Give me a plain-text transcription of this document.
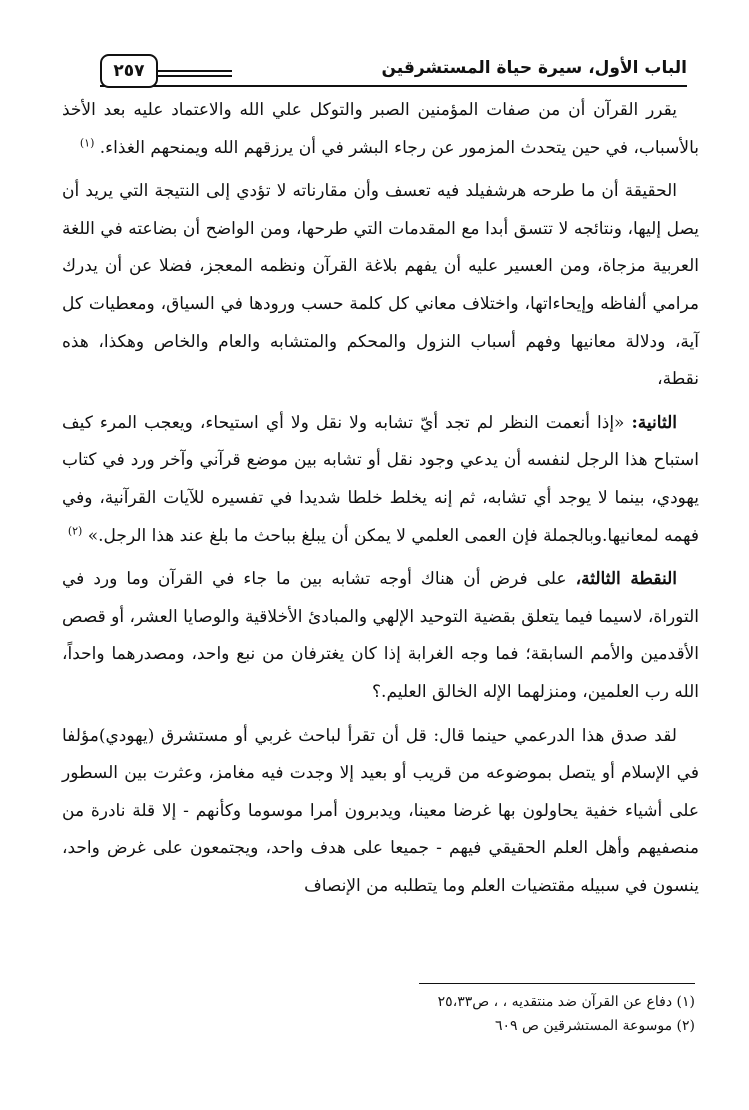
٢٥٧	الباب الأول، سيرة حياة المستشرقين

يقرر القرآن أن من صفات المؤمنين الصبر والتوكل علي الله والاعتماد عليه بعد الأخذ بالأسباب، في حين يتحدث المزمور عن رجاء البشر في أن يرزقهم الله ويمنحهم الغذاء. $^{(١)}$

الحقيقة أن ما طرحه هرشفيلد فيه تعسف وأن مقارناته لا تؤدي إلى النتيجة التي يريد أن يصل إليها، ونتائجه لا تتسق أبدا مع المقدمات التي طرحها، ومن الواضح أن بضاعته في اللغة العربية مزجاة، ومن العسير عليه أن يفهم بلاغة القرآن ونظمه المعجز، فضلا عن أن يدرك مرامي ألفاظه وإيحاءاتها، واختلاف معاني كل كلمة حسب ورودها في السياق، ومعطيات كل آية، ودلالة معانيها وفهم أسباب النزول والمحكم والمتشابه والعام والخاص وهكذا، هذه نقطة،

الثانية: «إذا أنعمت النظر لم تجد أيّ تشابه ولا نقل ولا أي استيحاء، ويعجب المرء كيف استباح هذا الرجل لنفسه أن يدعي وجود نقل أو تشابه بين موضع قرآني وآخر ورد في كتاب يهودي، بينما لا يوجد أي تشابه، ثم إنه يخلط خلطا شديدا في تفسيره للآيات القرآنية، وفي فهمه لمعانيها.وبالجملة فإن العمى العلمي لا يمكن أن يبلغ بباحث ما بلغ عند هذا الرجل.» $^{(٢)}$

النقطة الثالثة، على فرض أن هناك أوجه تشابه بين ما جاء في القرآن وما ورد في التوراة، لاسيما فيما يتعلق بقضية التوحيد الإلهي والمبادئ الأخلاقية والوصايا العشر، أو قصص الأقدمين والأمم السابقة؛ فما وجه الغرابة إذا كان يغترفان من نبع واحد، ومصدرهما واحداً، الله رب العلمين، ومنزلهما الإله الخالق العليم.؟

لقد صدق هذا الدرعمي حينما قال: قل أن تقرأ لباحث غربي أو مستشرق (يهودي)مؤلفا في الإسلام أو يتصل بموضوعه من قريب أو بعيد إلا وجدت فيه مغامز، وعثرت بين السطور على أشياء خفية يحاولون بها غرضا معينا، ويدبرون أمرا موسوما وكأنهم - إلا قلة نادرة من منصفيهم وأهل العلم الحقيقي فيهم - جميعا على هدف واحد، ويجتمعون على غرض واحد، ينسون في سبيله مقتضيات العلم وما يتطلبه من الإنصاف

(١) دفاع عن القرآن ضد منتقديه ، ، ص٢٥،٣٣
(٢) موسوعة المستشرقين ص ٦٠٩
